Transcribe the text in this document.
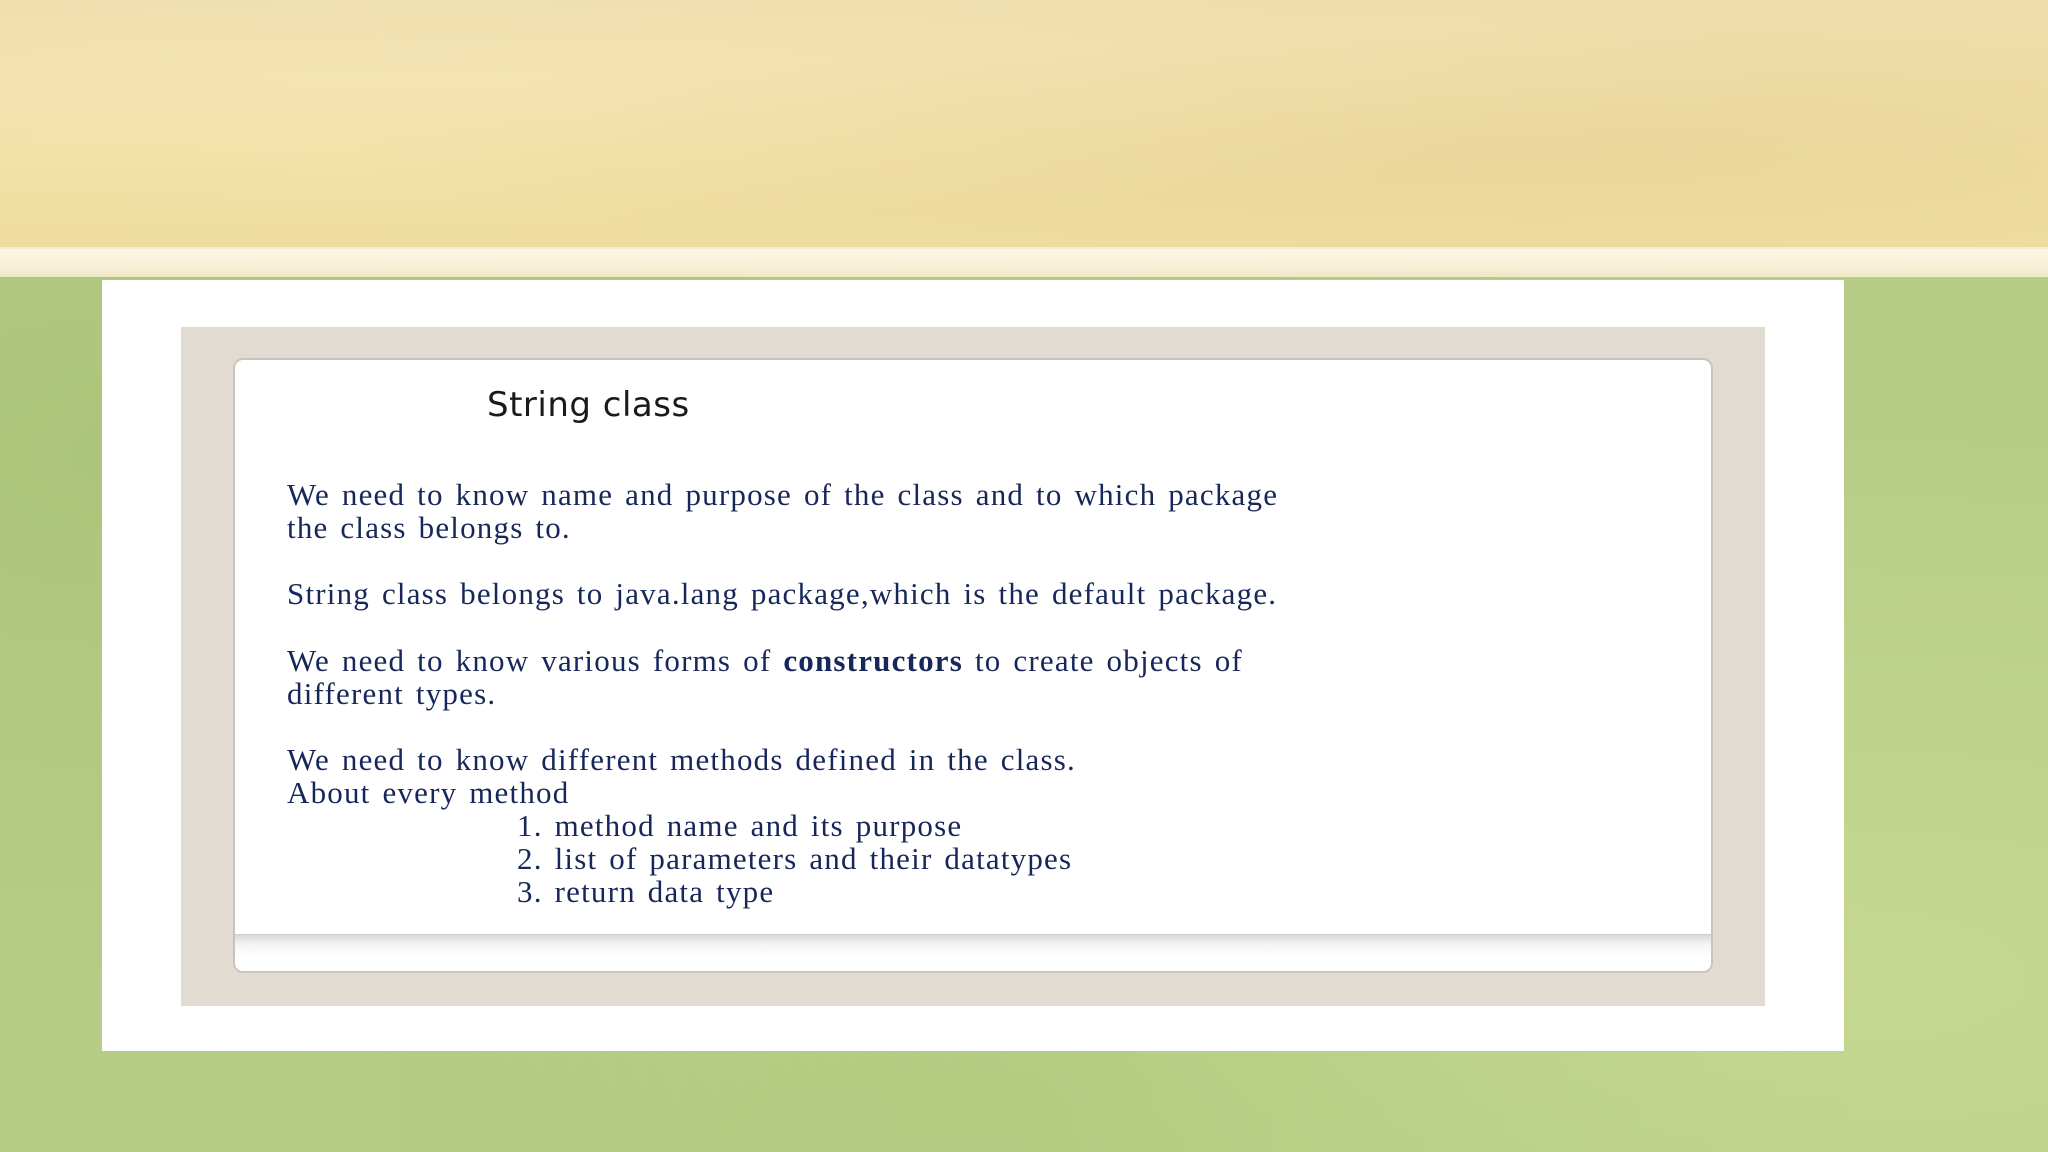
String class

We need to know name and purpose of the class and to which package
the class belongs to.

String class belongs to java.lang package,which is the default package.

We need to know various forms of constructors to create objects of
different types.

We need to know different methods defined in the class.
About every method

1. method name and its purpose
2. list of parameters and their datatypes
3. return data type
